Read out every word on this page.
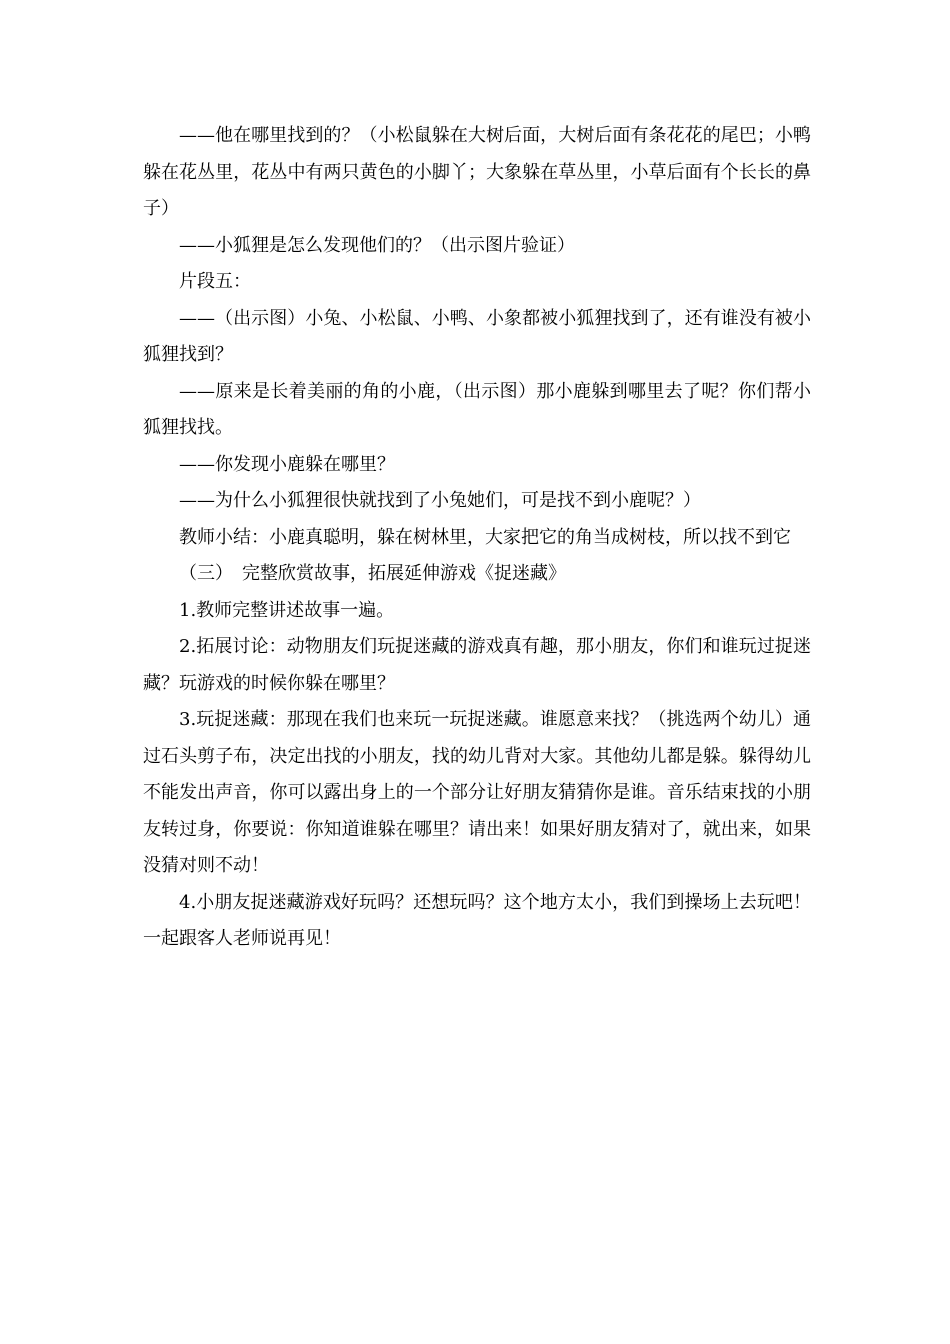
——他在哪里找到的？（小松鼠躲在大树后面，大树后面有条花花的尾巴；小鸭躲在花丛里，花丛中有两只黄色的小脚丫；大象躲在草丛里，小草后面有个长长的鼻子）

——小狐狸是怎么发现他们的？（出示图片验证）

片段五：

——（出示图）小兔、小松鼠、小鸭、小象都被小狐狸找到了，还有谁没有被小狐狸找到？

——原来是长着美丽的角的小鹿，（出示图）那小鹿躲到哪里去了呢？你们帮小狐狸找找。

——你发现小鹿躲在哪里？

——为什么小狐狸很快就找到了小兔她们，可是找不到小鹿呢？）

教师小结：小鹿真聪明，躲在树林里，大家把它的角当成树枝，所以找不到它

（三）　完整欣赏故事，拓展延伸游戏《捉迷藏》

1.教师完整讲述故事一遍。

2.拓展讨论：动物朋友们玩捉迷藏的游戏真有趣，那小朋友，你们和谁玩过捉迷藏？玩游戏的时候你躲在哪里？

3.玩捉迷藏：那现在我们也来玩一玩捉迷藏。谁愿意来找？（挑选两个幼儿）通过石头剪子布，决定出找的小朋友，找的幼儿背对大家。其他幼儿都是躲。躲得幼儿不能发出声音，你可以露出身上的一个部分让好朋友猜猜你是谁。音乐结束找的小朋友转过身，你要说：你知道谁躲在哪里？请出来！如果好朋友猜对了，就出来，如果没猜对则不动！

4.小朋友捉迷藏游戏好玩吗？还想玩吗？这个地方太小，我们到操场上去玩吧！一起跟客人老师说再见！
